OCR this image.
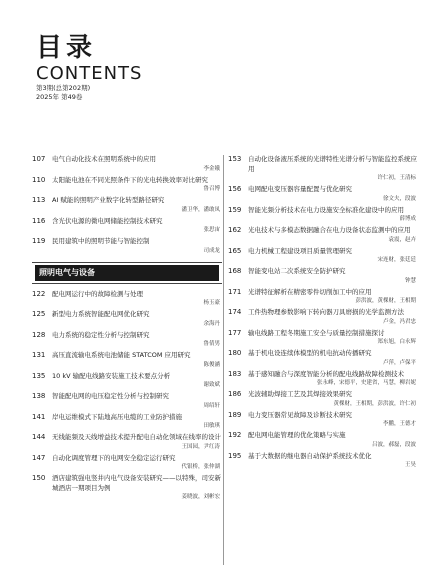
目录
CONTENTS
第3期(总第202期)
2025年 第49卷
107	电气自动化技术在照明系统中的应用
李金娥
110	太阳能电池在不同光照条件下的光电转换效率对比研究
鲁召博
113	AI 赋能的照明产业数字化转型路径研究
潘卫华，潘敢凤
116	含光伏电源的微电网储能控制技术研究
张思宙
119	民用建筑中的照明节能与智能控制
司成龙
照明电气与设备
122	配电网运行中的故障检测与处理
杨玉豪
125	新型电力系统智能配电网优化研究
余海丹
128	电力系统的稳定性分析与控制研究
鲁倩男
131	高压直流输电系统电池储能 STATCOM 应用研究
陈俊涵
135	10 kV 输配电线路安装施工技术要点分析
谢致斌
138	智能配电网的电压稳定性分析与控制研究
周绍轩
141	岸电运维模式下陆地高压电缆的工业防护措施
田敏琪
144	无线能频及天线增益技术提升配电自动化领域在线率的设计
王国园，尹红涛
147	自动化调度管理下的电网安全稳定运行研究
代银桥，张仲湖
150	酒店建筑强电竖井内电气设备安装研究——以特殊，司安新城酒店一期项目为例
姜晓波，刘彬宏
153	自动化设备液压系统的光谱特性光谱分析与智能监控系统应用
许仁初，王清标
156	电网配电变压器容量配置与优化研究
徐文夫，段波
159	智能光频分析技术在电力设施安全标准化建设中的应用
薛博成
162	光电技术与多模态数据融合在电力设备状态监测中的应用
袁震，赵卉
165	电力机械工程建设项目质量管理研究
宋连财，张廷廷
168	智能变电站二次系统安全防护研究
钟慧
171	光谱特征解析在精密零件切削加工中的应用
彭洪波，黄棵财，王相期
174	工件热物理参数影响下转向器刀具磨损的光学监测方法
卢金，冯君忠
177	输电线路工程冬期施工安全与质量控制措施探讨
郑东旭，白永辉
180	基于机电设连续体模型的机电抗动传播研究
卢萍，卢保平
183	基于感知融合与深度智能分析的配电线路故障检测技术
张永峰，宋德平，史建省，马慧，柳岩妮
186	光波辅助焊接工艺及其焊接效果研究
黄棵财，王相期，彭洪波，许仁初
189	电力变压器常见故障及诊断技术研究
李鹏，王德才
192	配电网电能管理的优化策略与实施
吕波，郝磊，段波
195	基于大数据的继电器自动保护系统技术优化
王昊
